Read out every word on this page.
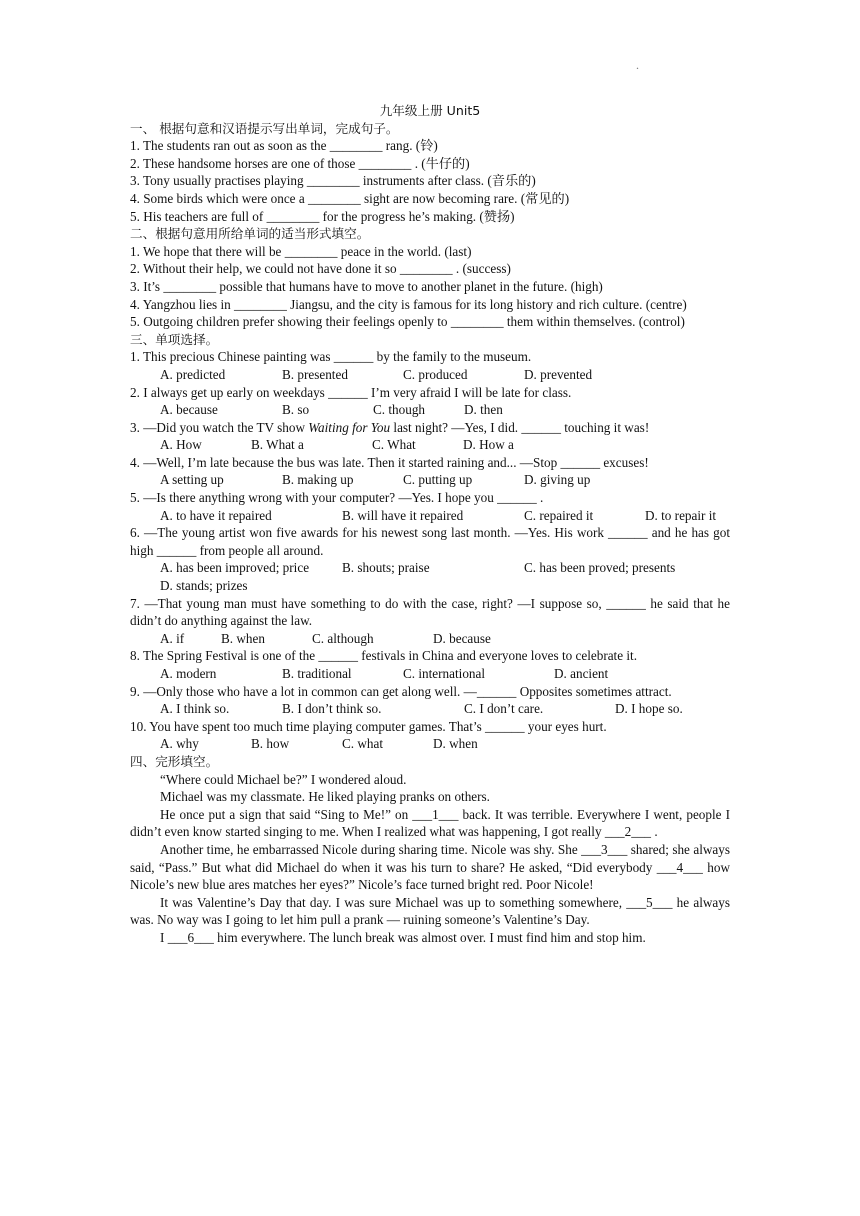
.
九年级上册 Unit5
一、 根据句意和汉语提示写出单词，完成句子。
1. The students ran out as soon as the ________ rang. (铃)
2. These handsome horses are one of those ________ . (牛仔的)
3. Tony usually practises playing ________ instruments after class. (音乐的)
4. Some birds which were once a ________ sight are now becoming rare. (常见的)
5. His teachers are full of ________ for the progress he’s making. (赞扬)
二、根据句意用所给单词的适当形式填空。
1. We hope that there will be ________ peace in the world. (last)
2. Without their help, we could not have done it so ________ . (success)
3. It’s ________ possible that humans have to move to another planet in the future. (high)
4. Yangzhou lies in ________ Jiangsu, and the city is famous for its long history and rich culture. (centre)
5. Outgoing children prefer showing their feelings openly to ________ them within themselves. (control)
三、单项选择。
1. This precious Chinese painting was ______ by the family to the museum.
A. predicted	B. presented	C. produced	D. prevented
2. I always get up early on weekdays ______ I’m very afraid I will be late for class.
A. because	B. so	C. though	D. then
3. —Did you watch the TV show Waiting for You last night? —Yes, I did. ______ touching it was!
A. How	B. What a	C. What	D. How a
4. —Well, I’m late because the bus was late. Then it started raining and... —Stop ______ excuses!
A setting up	B. making up	C. putting up	D. giving up
5. —Is there anything wrong with your computer? —Yes. I hope you ______ .
A. to have it repaired	B. will have it repaired	C. repaired it	D. to repair it
6. —The young artist won five awards for his newest song last month. —Yes. His work ______ and he has got high ______ from people all around.
A. has been improved; price	B. shouts; praise	C. has been proved; presents
D. stands; prizes
7. —That young man must have something to do with the case, right? —I suppose so, ______ he said that he didn’t do anything against the law.
A. if	B. when	C. although	D. because
8. The Spring Festival is one of the ______ festivals in China and everyone loves to celebrate it.
A. modern	B. traditional	C. international	D. ancient
9. —Only those who have a lot in common can get along well. —______ Opposites sometimes attract.
A. I think so.	B. I don’t think so.	C. I don’t care.	D. I hope so.
10. You have spent too much time playing computer games. That’s ______ your eyes hurt.
A. why	B. how	C. what	D. when
四、完形填空。
“Where could Michael be?” I wondered aloud.
Michael was my classmate. He liked playing pranks on others.
He once put a sign that said “Sing to Me!” on ___1___ back. It was terrible. Everywhere I went, people I didn’t even know started singing to me. When I realized what was happening, I got really ___2___ .
Another time, he embarrassed Nicole during sharing time. Nicole was shy. She ___3___ shared; she always said, “Pass.” But what did Michael do when it was his turn to share? He asked, “Did everybody ___4___ how Nicole’s new blue ares matches her eyes?” Nicole’s face turned bright red. Poor Nicole!
It was Valentine’s Day that day. I was sure Michael was up to something somewhere, ___5___ he always was. No way was I going to let him pull a prank — ruining someone’s Valentine’s Day.
I ___6___ him everywhere. The lunch break was almost over. I must find him and stop him.
